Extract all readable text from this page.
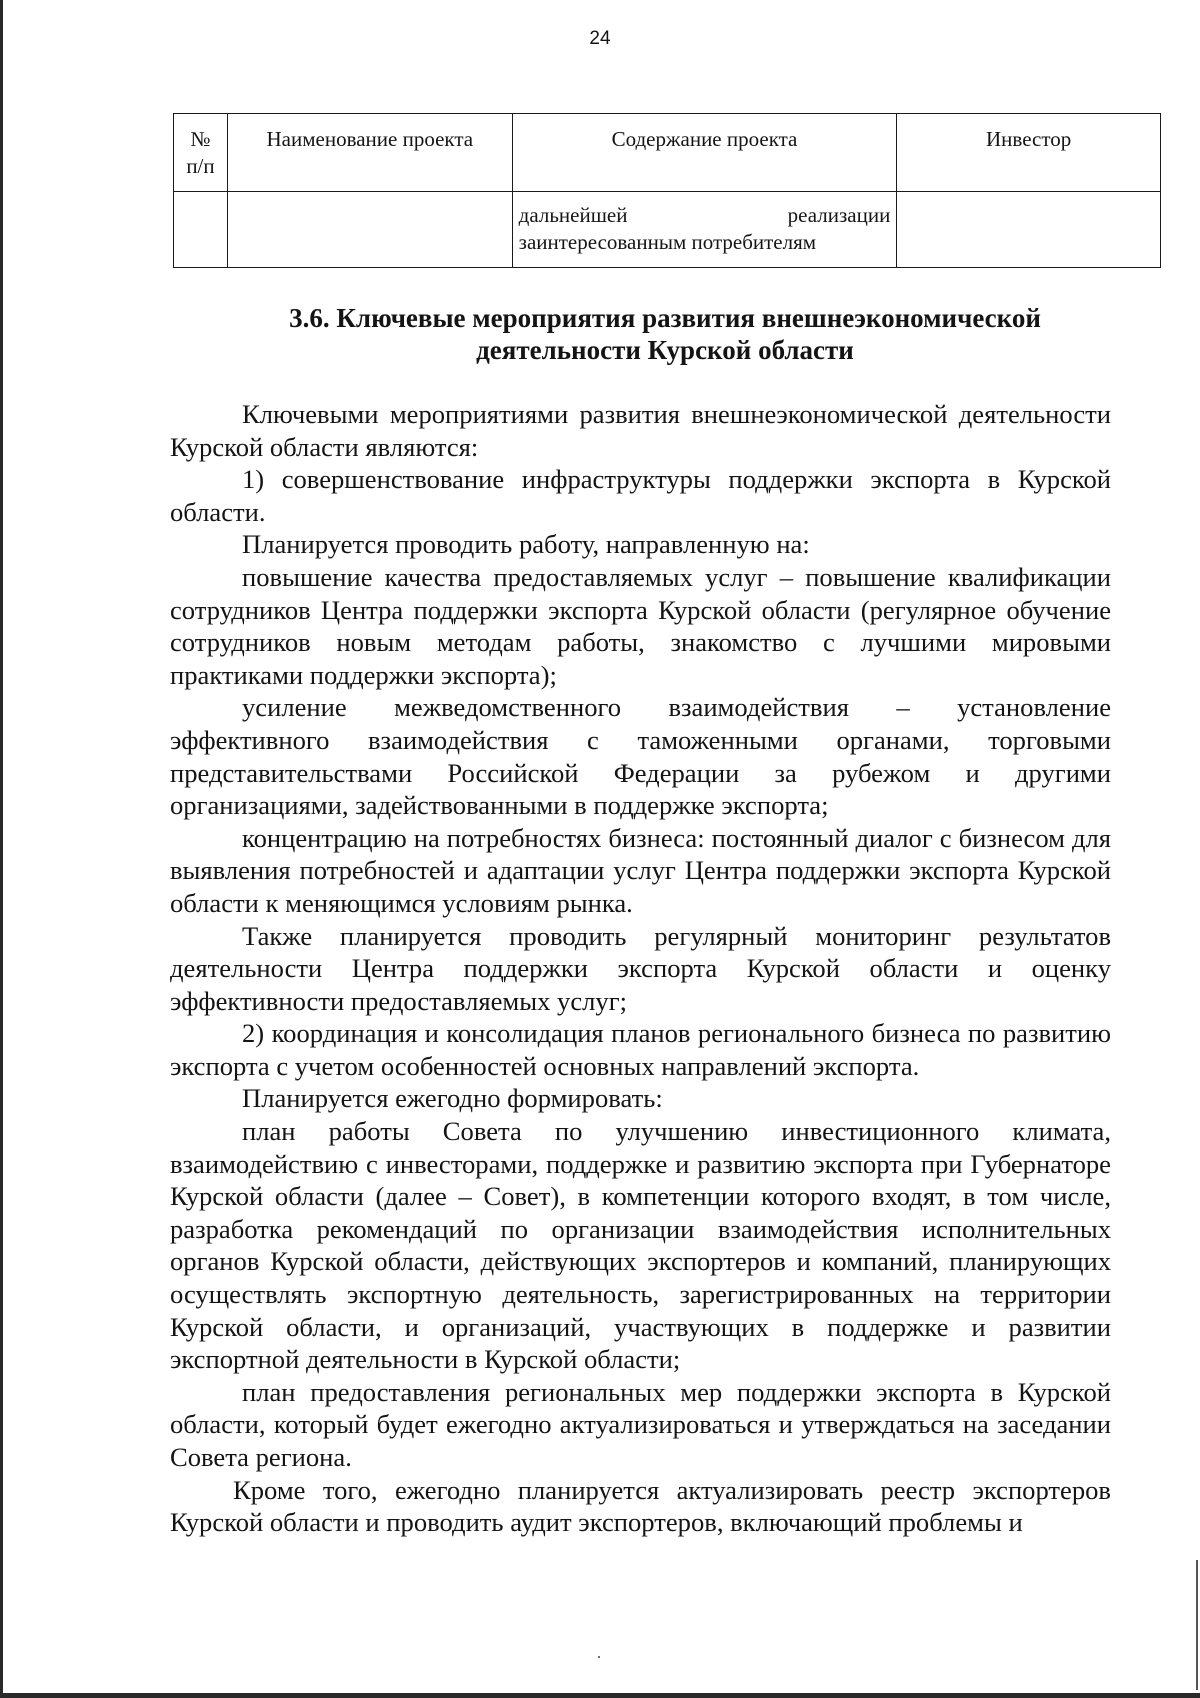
24
№ п/п	Наименование проекта	Содержание проекта	Инвестор

		дальнейшей реализации
заинтересованным потребителям	

3.6. Ключевые мероприятия развития внешнеэкономической
деятельности Курской области

Ключевыми мероприятиями развития внешнеэкономической деятельности Курской области являются:

1) совершенствование инфраструктуры поддержки экспорта в Курской области.

Планируется проводить работу, направленную на:

повышение качества предоставляемых услуг – повышение квалификации сотрудников Центра поддержки экспорта Курской области (регулярное обучение сотрудников новым методам работы, знакомство с лучшими мировыми практиками поддержки экспорта);

усиление межведомственного взаимодействия – установление эффективного взаимодействия с таможенными органами, торговыми представительствами Российской Федерации за рубежом и другими организациями, задействованными в поддержке экспорта;

концентрацию на потребностях бизнеса: постоянный диалог с бизнесом для выявления потребностей и адаптации услуг Центра поддержки экспорта Курской области к меняющимся условиям рынка.

Также планируется проводить регулярный мониторинг результатов деятельности Центра поддержки экспорта Курской области и оценку эффективности предоставляемых услуг;

2) координация и консолидация планов регионального бизнеса по развитию экспорта с учетом особенностей основных направлений экспорта.

Планируется ежегодно формировать:

план работы Совета по улучшению инвестиционного климата, взаимодействию с инвесторами, поддержке и развитию экспорта при Губернаторе Курской области (далее – Совет), в компетенции которого входят, в том числе, разработка рекомендаций по организации взаимодействия исполнительных органов Курской области, действующих экспортеров и компаний, планирующих осуществлять экспортную деятельность, зарегистрированных на территории Курской области, и организаций, участвующих в поддержке и развитии экспортной деятельности в Курской области;

план предоставления региональных мер поддержки экспорта в Курской области, который будет ежегодно актуализироваться и утверждаться на заседании Совета региона.

Кроме того, ежегодно планируется актуализировать реестр экспортеров Курской области и проводить аудит экспортеров, включающий проблемы и
